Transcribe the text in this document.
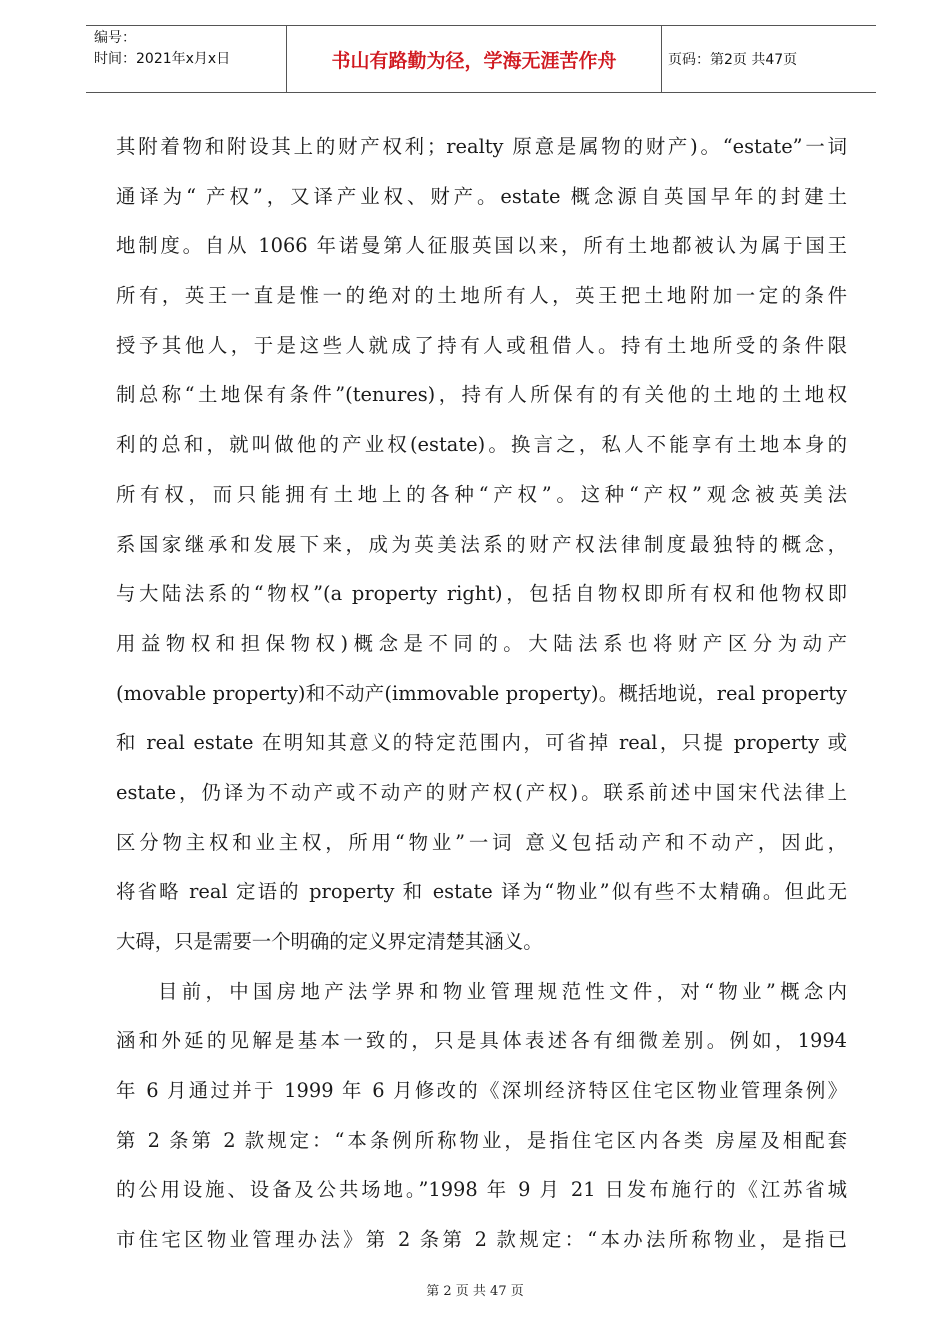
编号：
时间：2021年x月x日	书山有路勤为径，学海无涯苦作舟	页码：第2页 共47页
其附着物和附设其上的财产权利；realty 原意是属物的财产)。“estate”一词
通译为“ 产权”，又译产业权、财产。estate 概念源自英国早年的封建土
地制度。自从 1066 年诺曼第人征服英国以来，所有土地都被认为属于国王
所有，英王一直是惟一的绝对的土地所有人，英王把土地附加一定的条件
授予其他人，于是这些人就成了持有人或租借人。持有土地所受的条件限
制总称“土地保有条件”(tenures)，持有人所保有的有关他的土地的土地权
利的总和，就叫做他的产业权(estate)。换言之，私人不能享有土地本身的
所有权，而只能拥有土地上的各种“产权”。这种“产权”观念被英美法
系国家继承和发展下来，成为英美法系的财产权法律制度最独特的概念，
与大陆法系的“物权”(a property right)，包括自物权即所有权和他物权即
用益物权和担保物权)概念是不同的。大陆法系也将财产区分为动产
(movable property)和不动产(immovable property)。概括地说，real property
和 real estate 在明知其意义的特定范围内，可省掉 real，只提 property 或
estate，仍译为不动产或不动产的财产权(产权)。联系前述中国宋代法律上
区分物主权和业主权，所用“物业”一词 意义包括动产和不动产，因此，
将省略 real 定语的 property 和 estate 译为“物业”似有些不太精确。但此无
大碍，只是需要一个明确的定义界定清楚其涵义。
目前，中国房地产法学界和物业管理规范性文件，对“物业”概念内
涵和外延的见解是基本一致的，只是具体表述各有细微差别。例如，1994
年 6 月通过并于 1999 年 6 月修改的《深圳经济特区住宅区物业管理条例》
第 2 条第 2 款规定：“本条例所称物业，是指住宅区内各类 房屋及相配套
的公用设施、设备及公共场地。”1998 年 9 月 21 日发布施行的《江苏省城
市住宅区物业管理办法》第 2 条第 2 款规定：“本办法所称物业，是指已
第 2 页 共 47 页
